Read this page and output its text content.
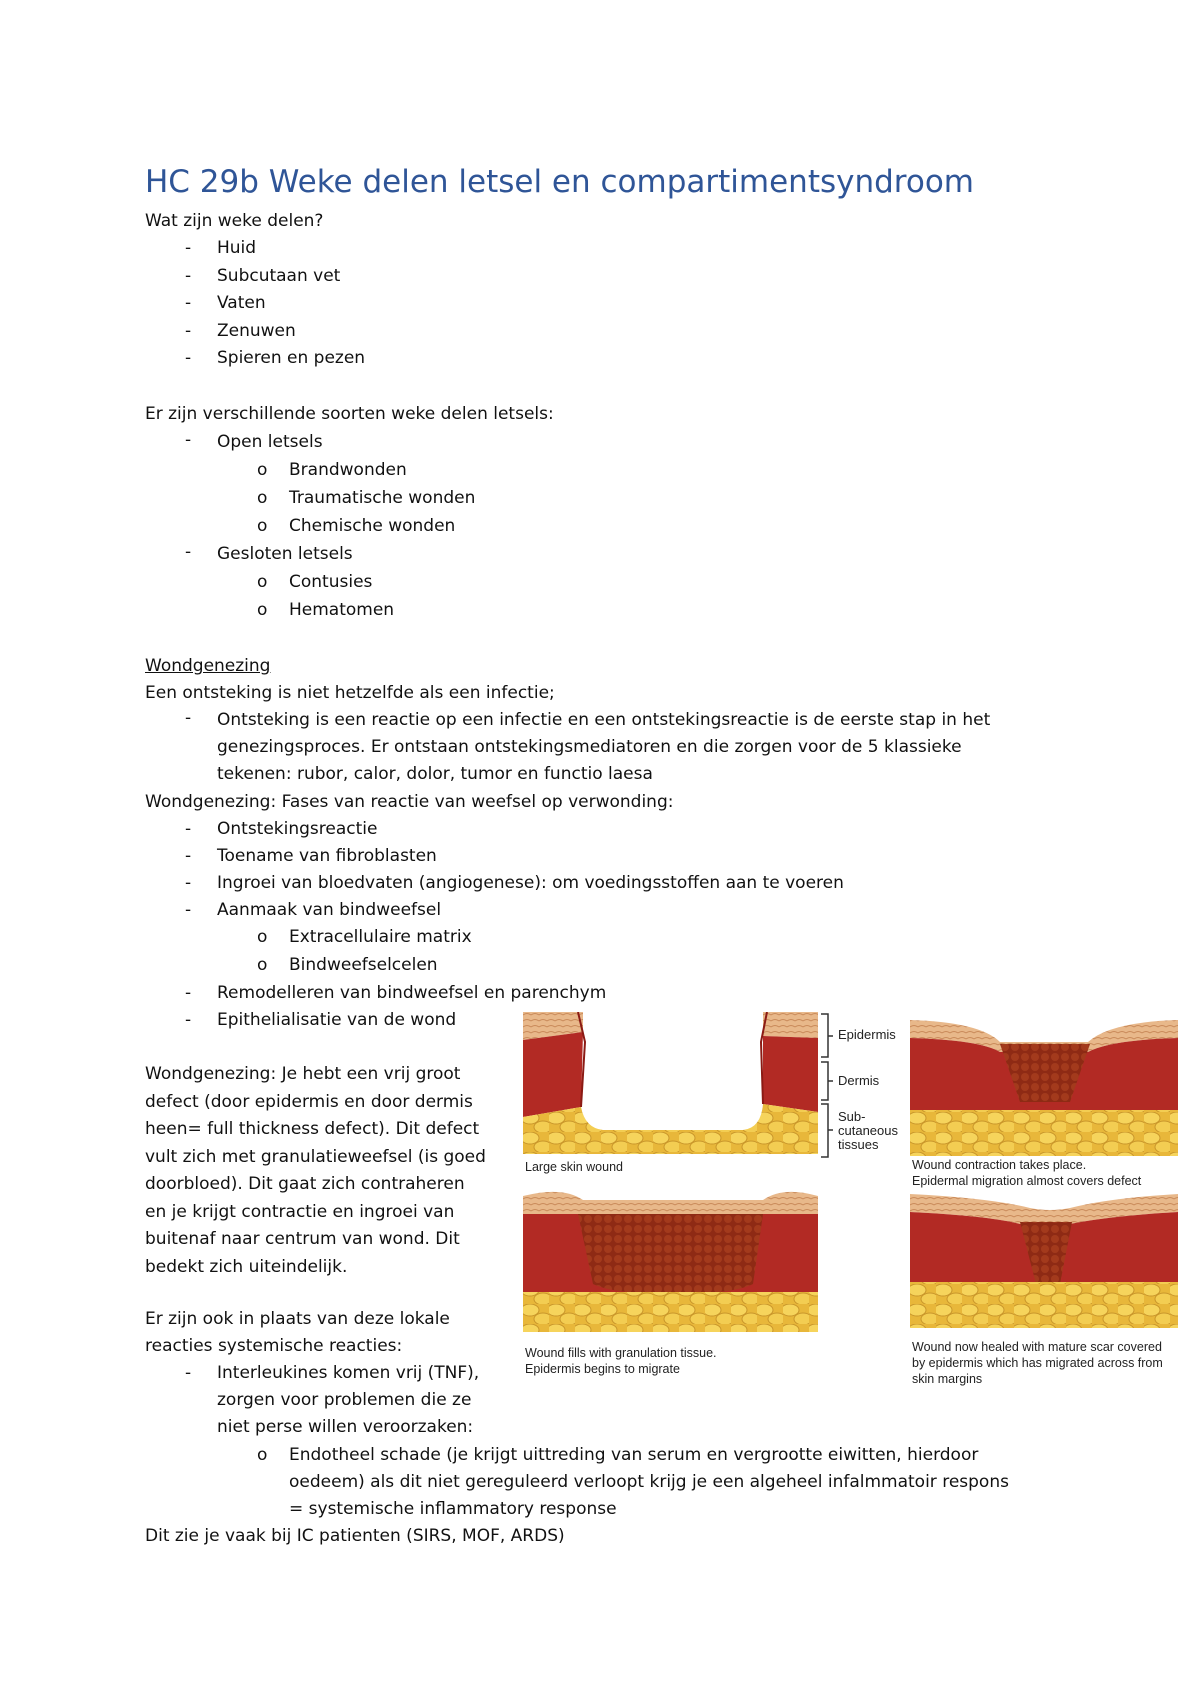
HC 29b Weke delen letsel en compartimentsyndroom
Wat zijn weke delen?
- Huid
- Subcutaan vet
- Vaten
- Zenuwen
- Spieren en pezen
Er zijn verschillende soorten weke delen letsels:
-	Open letsels
o Brandwonden
o Traumatische wonden
o Chemische wonden
-	Gesloten letsels
o Contusies
o Hematomen
Wondgenezing
Een ontsteking is niet hetzelfde als een infectie;
-	Ontsteking is een reactie op een infectie en een ontstekingsreactie is de eerste stap in het
genezingsproces. Er ontstaan ontstekingsmediatoren en die zorgen voor de 5 klassieke
tekenen: rubor, calor, dolor, tumor en functio laesa
Wondgenezing: Fases van reactie van weefsel op verwonding:
- Ontstekingsreactie
- Toename van fibroblasten
- Ingroei van bloedvaten (angiogenese): om voedingsstoffen aan te voeren
- Aanmaak van bindweefsel
o Extracellulaire matrix
o Bindweefselcelen
- Remodelleren van bindweefsel en parenchym
- Epithelialisatie van de wond
Wondgenezing: Je hebt een vrij groot
defect (door epidermis en door dermis
heen= full thickness defect). Dit defect
vult zich met granulatieweefsel (is goed
doorbloed). Dit gaat zich contraheren
en je krijgt contractie en ingroei van
buitenaf naar centrum van wond. Dit
bedekt zich uiteindelijk.
Epidermis
Dermis
Sub-
cutaneous
tissues
Large skin wound	Wound contraction takes place.
Epidermal migration almost covers defect
Wound fills with granulation tissue.
Epidermis begins to migrate
Wound now healed with mature scar covered
by epidermis which has migrated across from
skin margins
Er zijn ook in plaats van deze lokale
reacties systemische reacties:
- Interleukines komen vrij (TNF),
zorgen voor problemen die ze
niet perse willen veroorzaken:
o Endotheel schade (je krijgt uittreding van serum en vergrootte eiwitten, hierdoor
oedeem) als dit niet gereguleerd verloopt krijg je een algeheel infalmmatoir respons
= systemische inflammatory response
Dit zie je vaak bij IC patienten (SIRS, MOF, ARDS)
